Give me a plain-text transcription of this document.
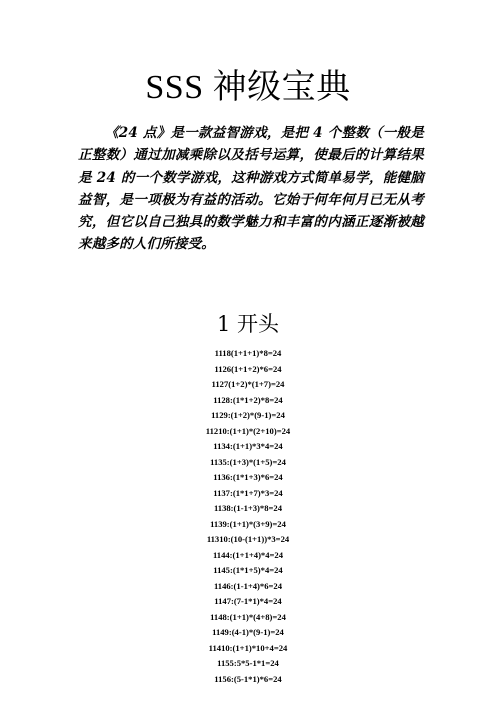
SSS 神级宝典

《24 点》是一款益智游戏，是把 4 个整数（一般是正整数）通过加减乘除以及括号运算，使最后的计算结果是 24 的一个数学游戏，这种游戏方式简单易学，能健脑益智，是一项极为有益的活动。它始于何年何月已无从考究，但它以自己独具的数学魅力和丰富的内涵正逐渐被越来越多的人们所接受。

1 开头
1118(1+1+1)*8=24
1126(1+1+2)*6=24
1127(1+2)*(1+7)=24
1128:(1*1+2)*8=24
1129:(1+2)*(9-1)=24
11210:(1+1)*(2+10)=24
1134:(1+1)*3*4=24
1135:(1+3)*(1+5)=24
1136:(1*1+3)*6=24
1137:(1*1+7)*3=24
1138:(1-1+3)*8=24
1139:(1+1)*(3+9)=24
11310:(10-(1+1))*3=24
1144:(1+1+4)*4=24
1145:(1*1+5)*4=24
1146:(1-1+4)*6=24
1147:(7-1*1)*4=24
1148:(1+1)*(4+8)=24
1149:(4-1)*(9-1)=24
11410:(1+1)*10+4=24
1155:5*5-1*1=24
1156:(5-1*1)*6=24
